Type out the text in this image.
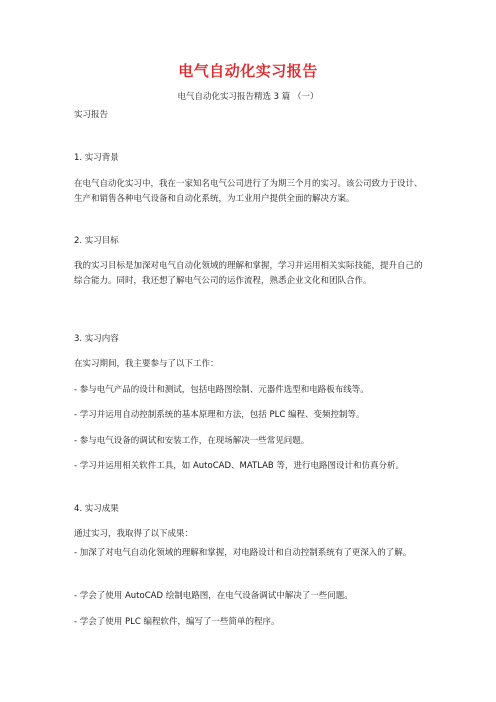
电气自动化实习报告
电气自动化实习报告精选 3 篇 （一）
实习报告
1. 实习背景
在电气自动化实习中，我在一家知名电气公司进行了为期三个月的实习。该公司致力于设计、生产和销售各种电气设备和自动化系统，为工业用户提供全面的解决方案。
2. 实习目标
我的实习目标是加深对电气自动化领域的理解和掌握，学习并运用相关实际技能，提升自己的综合能力。同时，我还想了解电气公司的运作流程，熟悉企业文化和团队合作。
3. 实习内容
在实习期间，我主要参与了以下工作：
- 参与电气产品的设计和测试，包括电路图绘制、元器件选型和电路板布线等。
- 学习并运用自动控制系统的基本原理和方法，包括 PLC 编程、变频控制等。
- 参与电气设备的调试和安装工作，在现场解决一些常见问题。
- 学习并运用相关软件工具，如 AutoCAD、MATLAB 等，进行电路图设计和仿真分析。
4. 实习成果
通过实习，我取得了以下成果：
- 加深了对电气自动化领域的理解和掌握，对电路设计和自动控制系统有了更深入的了解。
- 学会了使用 AutoCAD 绘制电路图，在电气设备调试中解决了一些问题。
- 学会了使用 PLC 编程软件，编写了一些简单的程序。
